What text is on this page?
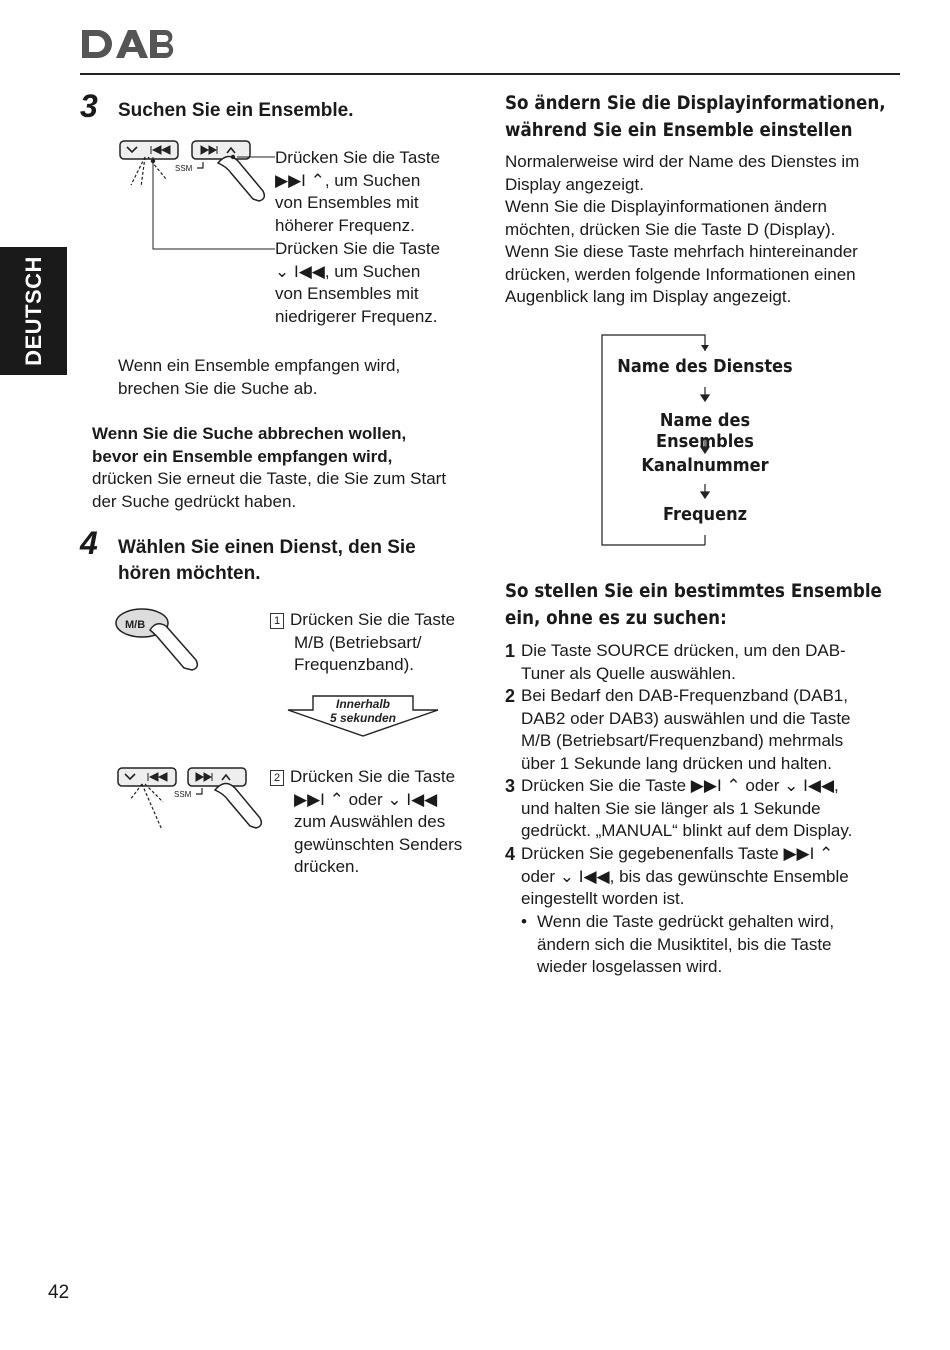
DEUTSCH
3 Suchen Sie ein Ensemble.
SSM
Drücken Sie die Taste
▶▶I ⌃, um Suchen
von Ensembles mit
höherer Frequenz.
Drücken Sie die Taste
⌄ I◀◀, um Suchen
von Ensembles mit
niedrigerer Frequenz.
Wenn ein Ensemble empfangen wird,
brechen Sie die Suche ab.
Wenn Sie die Suche abbrechen wollen,
bevor ein Ensemble empfangen wird,
drücken Sie erneut die Taste, die Sie zum Start
der Suche gedrückt haben.
4 Wählen Sie einen Dienst, den Sie
hören möchten.
M/B	1 Drücken Sie die Taste
M/B (Betriebsart/
Frequenzband).
Innerhalb
5 sekunden
SSM
2 Drücken Sie die Taste
▶▶I ⌃ oder ⌄ I◀◀
zum Auswählen des
gewünschten Senders
drücken.
So ändern Sie die Displayinformationen,
während Sie ein Ensemble einstellen
Normalerweise wird der Name des Dienstes im
Display angezeigt.
Wenn Sie die Displayinformationen ändern
möchten, drücken Sie die Taste D (Display).
Wenn Sie diese Taste mehrfach hintereinander
drücken, werden folgende Informationen einen
Augenblick lang im Display angezeigt.
Name des Dienstes
Name des Ensembles
Kanalnummer
Frequenz
So stellen Sie ein bestimmtes Ensemble
ein, ohne es zu suchen:
1 Die Taste SOURCE drücken, um den DAB-
Tuner als Quelle auswählen.
2 Bei Bedarf den DAB-Frequenzband (DAB1,
DAB2 oder DAB3) auswählen und die Taste
M/B (Betriebsart/Frequenzband) mehrmals
über 1 Sekunde lang drücken und halten.
3 Drücken Sie die Taste ▶▶I ⌃ oder ⌄ I◀◀,
und halten Sie sie länger als 1 Sekunde
gedrückt. „MANUAL“ blinkt auf dem Display.
4 Drücken Sie gegebenenfalls Taste ▶▶I ⌃
oder ⌄ I◀◀, bis das gewünschte Ensemble
eingestellt worden ist.
• Wenn die Taste gedrückt gehalten wird,
ändern sich die Musiktitel, bis die Taste
wieder losgelassen wird.
42
